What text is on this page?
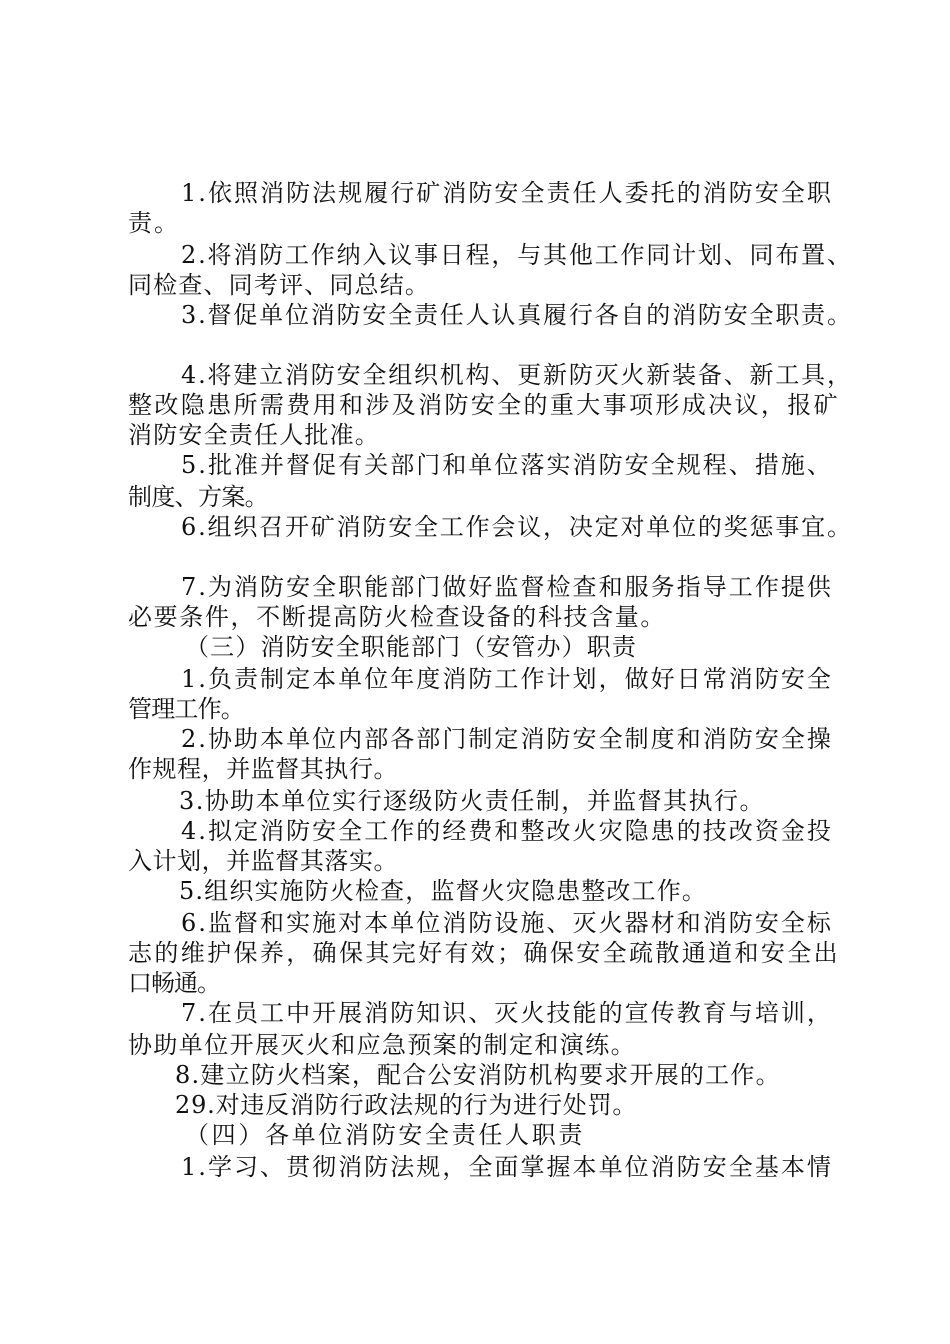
1.依照消防法规履行矿消防安全责任人委托的消防安全职
责。
2.将消防工作纳入议事日程，与其他工作同计划、同布置、
同检查、同考评、同总结。
3.督促单位消防安全责任人认真履行各自的消防安全职责。
4.将建立消防安全组织机构、更新防灭火新装备、新工具，
整改隐患所需费用和涉及消防安全的重大事项形成决议，报矿
消防安全责任人批准。
5.批准并督促有关部门和单位落实消防安全规程、措施、
制度、方案。
6.组织召开矿消防安全工作会议，决定对单位的奖惩事宜。
7.为消防安全职能部门做好监督检查和服务指导工作提供
必要条件，不断提高防火检查设备的科技含量。
（三）消防安全职能部门（安管办）职责
1.负责制定本单位年度消防工作计划，做好日常消防安全
管理工作。
2.协助本单位内部各部门制定消防安全制度和消防安全操
作规程，并监督其执行。
3.协助本单位实行逐级防火责任制，并监督其执行。
4.拟定消防安全工作的经费和整改火灾隐患的技改资金投
入计划，并监督其落实。
5.组织实施防火检查，监督火灾隐患整改工作。
6.监督和实施对本单位消防设施、灭火器材和消防安全标
志的维护保养，确保其完好有效；确保安全疏散通道和安全出
口畅通。
7.在员工中开展消防知识、灭火技能的宣传教育与培训，
协助单位开展灭火和应急预案的制定和演练。
8.建立防火档案，配合公安消防机构要求开展的工作。
29.对违反消防行政法规的行为进行处罚。
（四）各单位消防安全责任人职责
1.学习、贯彻消防法规，全面掌握本单位消防安全基本情
